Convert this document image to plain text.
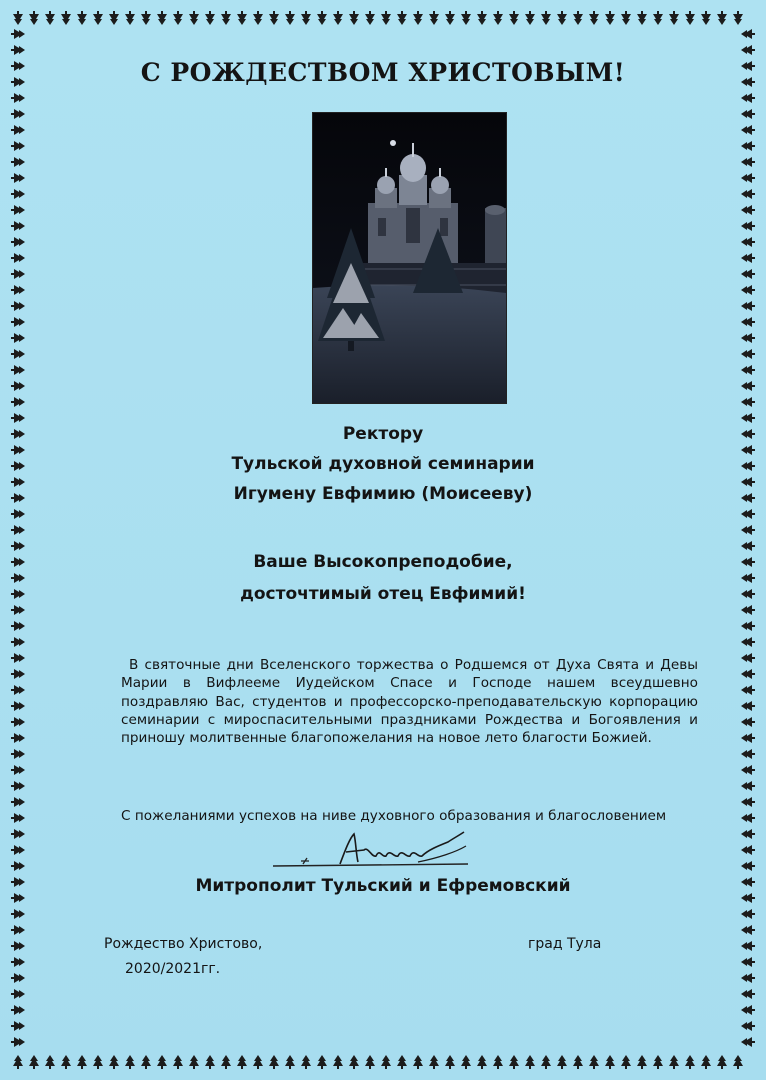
С РОЖДЕСТВОМ ХРИСТОВЫМ!
Ректору
Тульской духовной семинарии
Игумену Евфимию (Моисееву)
Ваше Высокопреподобие,
досточтимый отец Евфимий!
В святочные дни Вселенского торжества о Родшемся от Духа Свята и Девы Марии в Вифлееме Иудейском Спасе и Господе нашем всеудшевно поздравляю Вас, студентов и профессорско-преподавательскую корпорацию семинарии с мироспасительными праздниками Рождества и Богоявления и приношу молитвенные благопожелания на новое лето благости Божией.
С пожеланиями успехов на ниве духовного образования и благословением
Митрополит Тульский и Ефремовский
Рождество Христово,
2020/2021гг.
град Тула
